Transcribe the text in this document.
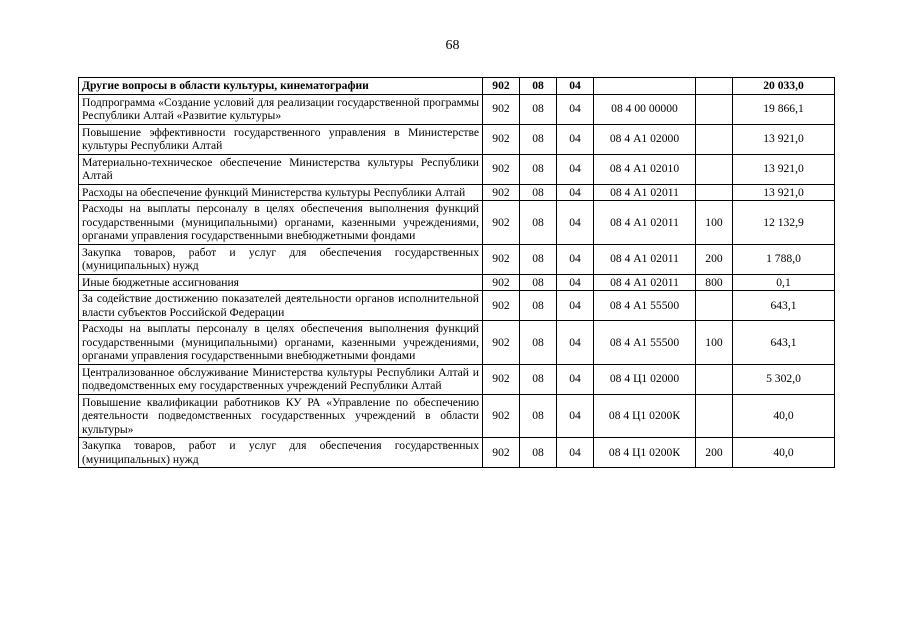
68
Другие вопросы в области культуры, кинематографии	902	08	04			20 033,0
Подпрограмма «Создание условий для реализации государственной программы Республики Алтай «Развитие культуры»	902	08	04	08 4 00 00000		19 866,1
Повышение эффективности государственного управления в Министерстве культуры Республики Алтай	902	08	04	08 4 А1 02000		13 921,0
Материально-техническое обеспечение Министерства культуры Республики Алтай	902	08	04	08 4 А1 02010		13 921,0
Расходы на обеспечение функций Министерства культуры Республики Алтай	902	08	04	08 4 А1 02011		13 921,0
Расходы на выплаты персоналу в целях обеспечения выполнения функций государственными (муниципальными) органами, казенными учреждениями, органами управления государственными внебюджетными фондами	902	08	04	08 4 А1 02011	100	12 132,9
Закупка товаров, работ и услуг для обеспечения государственных (муниципальных) нужд	902	08	04	08 4 А1 02011	200	1 788,0
Иные бюджетные ассигнования	902	08	04	08 4 А1 02011	800	0,1
За содействие достижению показателей деятельности органов исполнительной власти субъектов Российской Федерации	902	08	04	08 4 А1 55500		643,1
Расходы на выплаты персоналу в целях обеспечения выполнения функций государственными (муниципальными) органами, казенными учреждениями, органами управления государственными внебюджетными фондами	902	08	04	08 4 А1 55500	100	643,1
Централизованное обслуживание Министерства культуры Республики Алтай и подведомственных ему государственных учреждений Республики Алтай	902	08	04	08 4 Ц1 02000		5 302,0
Повышение квалификации работников КУ РА «Управление по обеспечению деятельности подведомственных государственных учреждений в области культуры»	902	08	04	08 4 Ц1 0200К		40,0
Закупка товаров, работ и услуг для обеспечения государственных (муниципальных) нужд	902	08	04	08 4 Ц1 0200К	200	40,0
